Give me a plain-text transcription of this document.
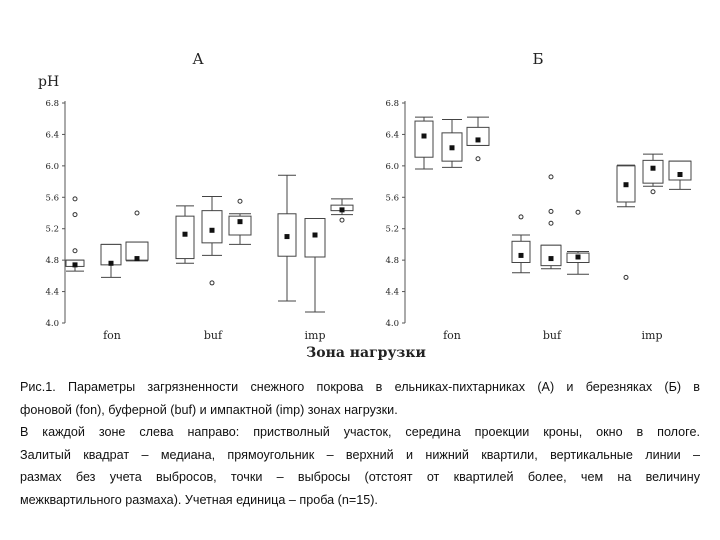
А
pH
Зона нагрузки
6.8
6.4
6.0
5.6
5.2
4.8
4.4
4.0
fon	buf	imp
Б
6.8
6.4
6.0
5.6
5.2
4.8
4.4
4.0
fon	buf	imp

Рис.1. Параметры загрязненности снежного покрова в ельниках-пихтарниках (А) и березняках (Б) в

фоновой (fon), буферной (buf) и импактной (imp) зонах нагрузки.

В каждой зоне слева направо: пристволный участок, середина проекции кроны, окно в пологе.

Залитый квадрат – медиана, прямоугольник – верхний и нижний квартили, вертикальные линии –

размах без учета выбросов, точки – выбросы (отстоят от квартилей более, чем на величину

межквартильного размаха). Учетная единица – проба (n=15).
